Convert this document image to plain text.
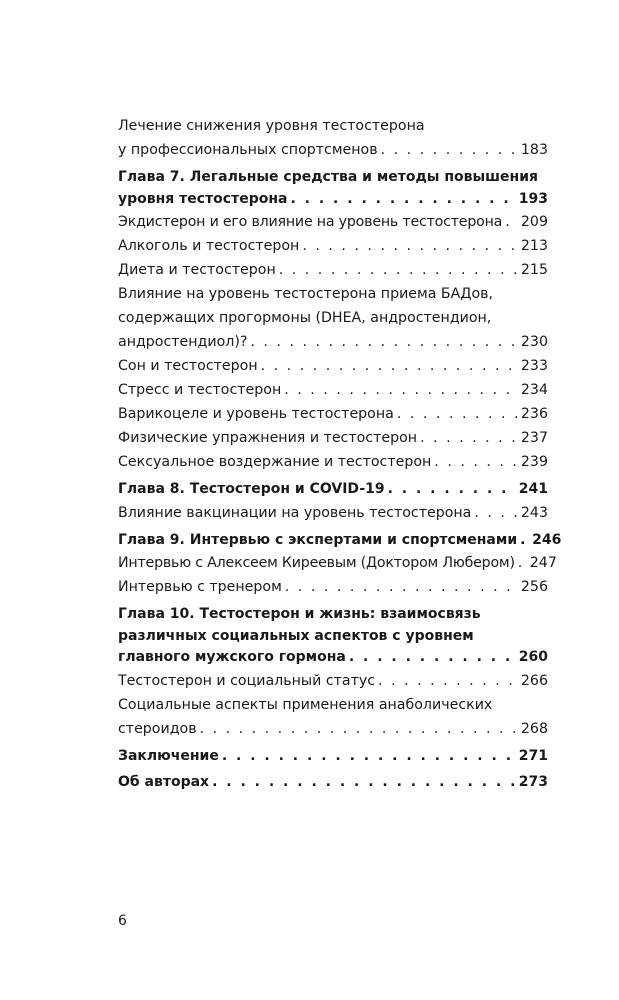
Лечение снижения уровня тестостерона
у профессиональных спортсменов . . .	183
Глава 7. Легальные средства и методы повышения
уровня тестостерона . . .	193
Экдистерон и его влияние на уровень тестостерона . . . 209
Алкоголь и тестостерон . . .	213
Диета и тестостерон . . .	215
Влияние на уровень тестостерона приема БАДов,
содержащих прогормоны (DHEA, андростендион,
андростендиол)? . . .	230
Сон и тестостерон . . .	233
Стресс и тестостерон . . .	234
Варикоцеле и уровень тестостерона . . .	236
Физические упражнения и тестостерон . . .	237
Сексуальное воздержание и тестостерон . . .	239
Глава 8. Тестостерон и COVID-19 . . .	241
Влияние вакцинации на уровень тестостерона . . .	243
Глава 9. Интервью с экспертами и спортсменами . . . 246
Интервью с Алексеем Киреевым (Доктором Любером) . . . 247
Интервью с тренером . . .	256
Глава 10. Тестостерон и жизнь: взаимосвязь
различных социальных аспектов с уровнем
главного мужского гормона . . .	260
Тестостерон и социальный статус . . .	266
Социальные аспекты применения анаболических
стероидов . . .	268
Заключение . . .	271
Об авторах . . .	273
6
